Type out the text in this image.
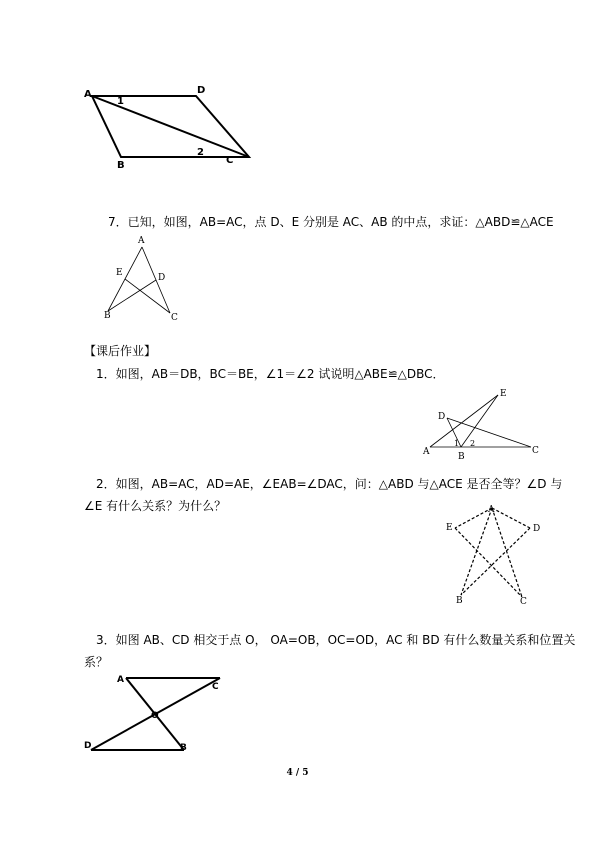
A	D
B	C
1
2
7．已知，如图，AB=AC，点 D、E 分别是 AC、AB 的中点，求证：△ABD≌△ACE
A
E	D
B	C
【课后作业】
1．如图，AB＝DB，BC＝BE，∠1＝∠2 试说明△ABE≌△DBC．
E
D
A	B
C
1 2
2．如图，AB=AC，AD=AE，∠EAB=∠DAC，问：△ABD 与△ACE 是否全等？∠D 与
∠E 有什么关系？为什么？	A
E	D
B	C
3．如图 AB、CD 相交于点 O， OA=OB，OC=OD，AC 和 BD 有什么数量关系和位置关
系？
A
C
O
D	B
4 / 5
